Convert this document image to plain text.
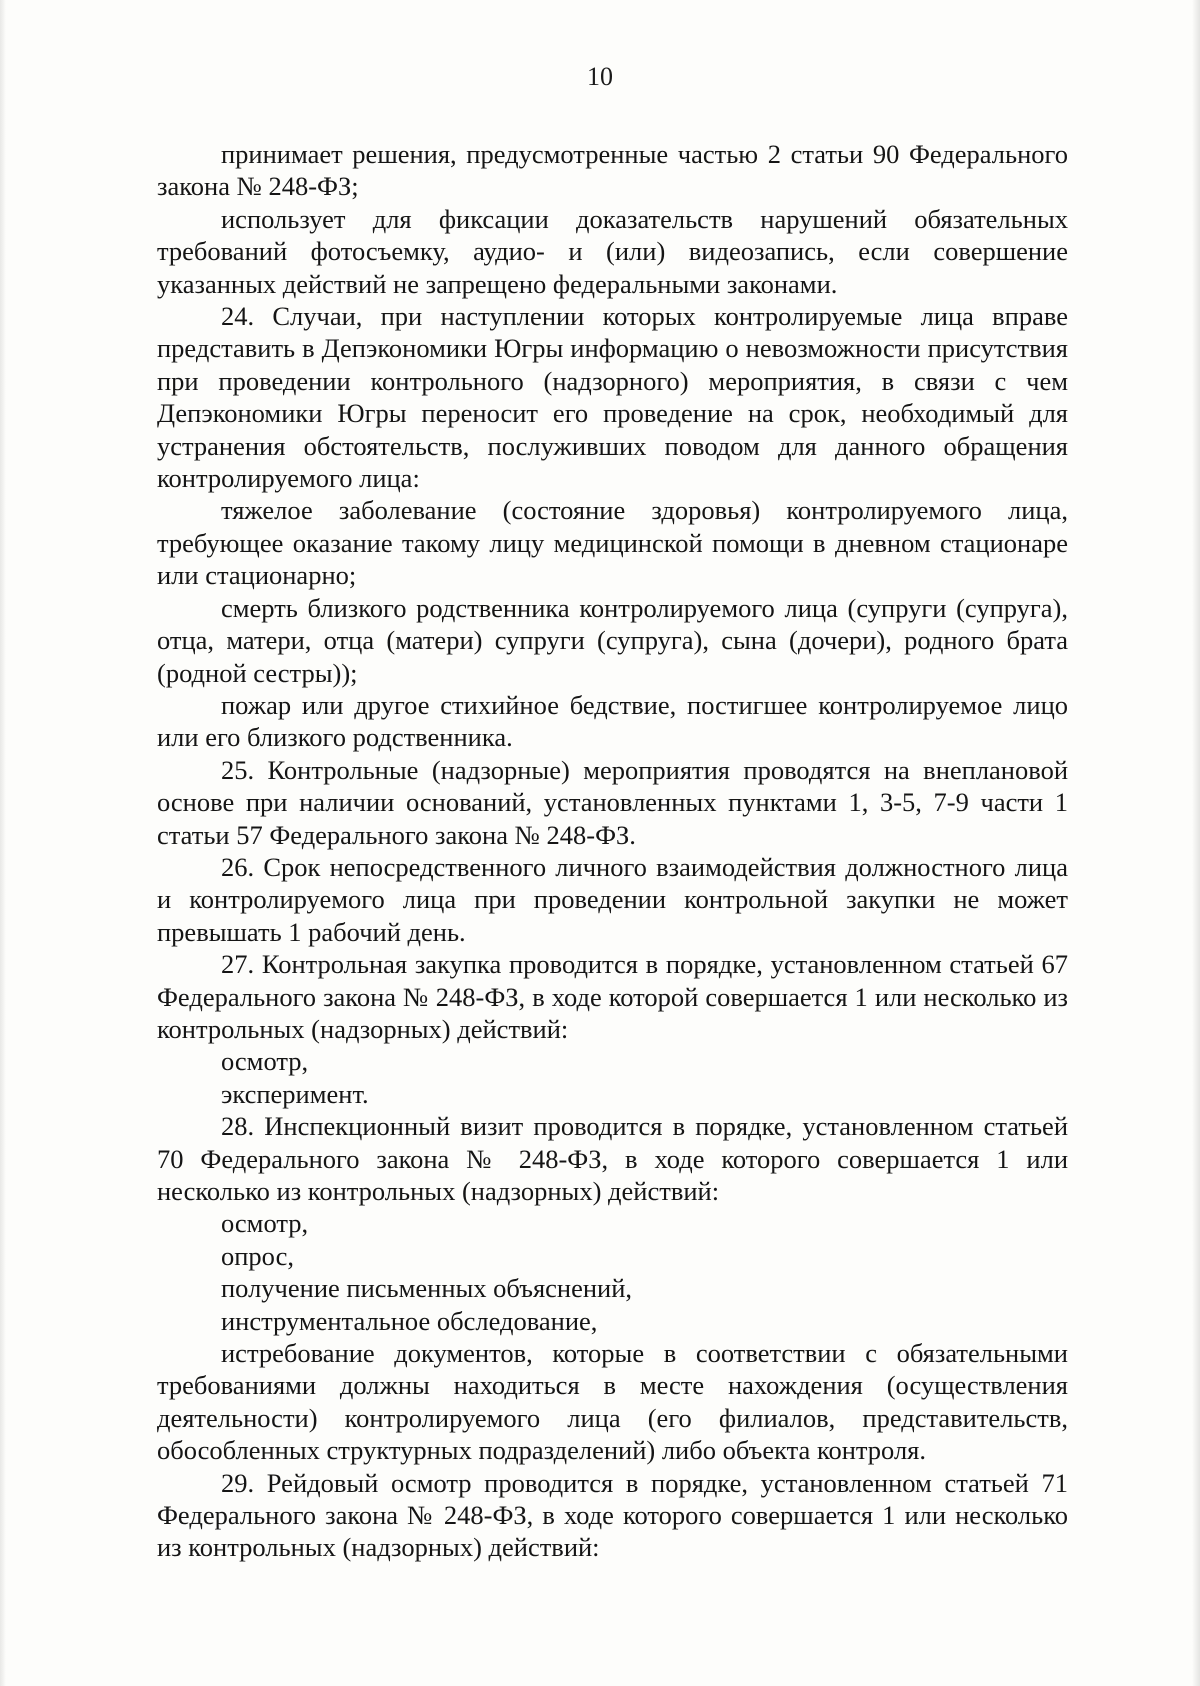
10

принимает решения, предусмотренные частью 2 статьи 90 Федерального закона № 248-ФЗ;

использует для фиксации доказательств нарушений обязательных требований фотосъемку, аудио- и (или) видеозапись, если совершение указанных действий не запрещено федеральными законами.

24. Случаи, при наступлении которых контролируемые лица вправе представить в Депэкономики Югры информацию о невозможности присутствия при проведении контрольного (надзорного) мероприятия, в связи с чем Депэкономики Югры переносит его проведение на срок, необходимый для устранения обстоятельств, послуживших поводом для данного обращения контролируемого лица:

тяжелое заболевание (состояние здоровья) контролируемого лица, требующее оказание такому лицу медицинской помощи в дневном стационаре или стационарно;

смерть близкого родственника контролируемого лица (супруги (супруга), отца, матери, отца (матери) супруги (супруга), сына (дочери), родного брата (родной сестры));

пожар или другое стихийное бедствие, постигшее контролируемое лицо или его близкого родственника.

25. Контрольные (надзорные) мероприятия проводятся на внеплановой основе при наличии оснований, установленных пунктами 1, 3-5, 7-9 части 1 статьи 57 Федерального закона № 248-ФЗ.

26. Срок непосредственного личного взаимодействия должностного лица и контролируемого лица при проведении контрольной закупки не может превышать 1 рабочий день.

27. Контрольная закупка проводится в порядке, установленном статьей 67 Федерального закона № 248-ФЗ, в ходе которой совершается 1 или несколько из контрольных (надзорных) действий:

осмотр,

эксперимент.

28. Инспекционный визит проводится в порядке, установленном статьей 70 Федерального закона № 248-ФЗ, в ходе которого совершается 1 или несколько из контрольных (надзорных) действий:

осмотр,

опрос,

получение письменных объяснений,

инструментальное обследование,

истребование документов, которые в соответствии с обязательными требованиями должны находиться в месте нахождения (осуществления деятельности) контролируемого лица (его филиалов, представительств, обособленных структурных подразделений) либо объекта контроля.

29. Рейдовый осмотр проводится в порядке, установленном статьей 71 Федерального закона № 248-ФЗ, в ходе которого совершается 1 или несколько из контрольных (надзорных) действий:
